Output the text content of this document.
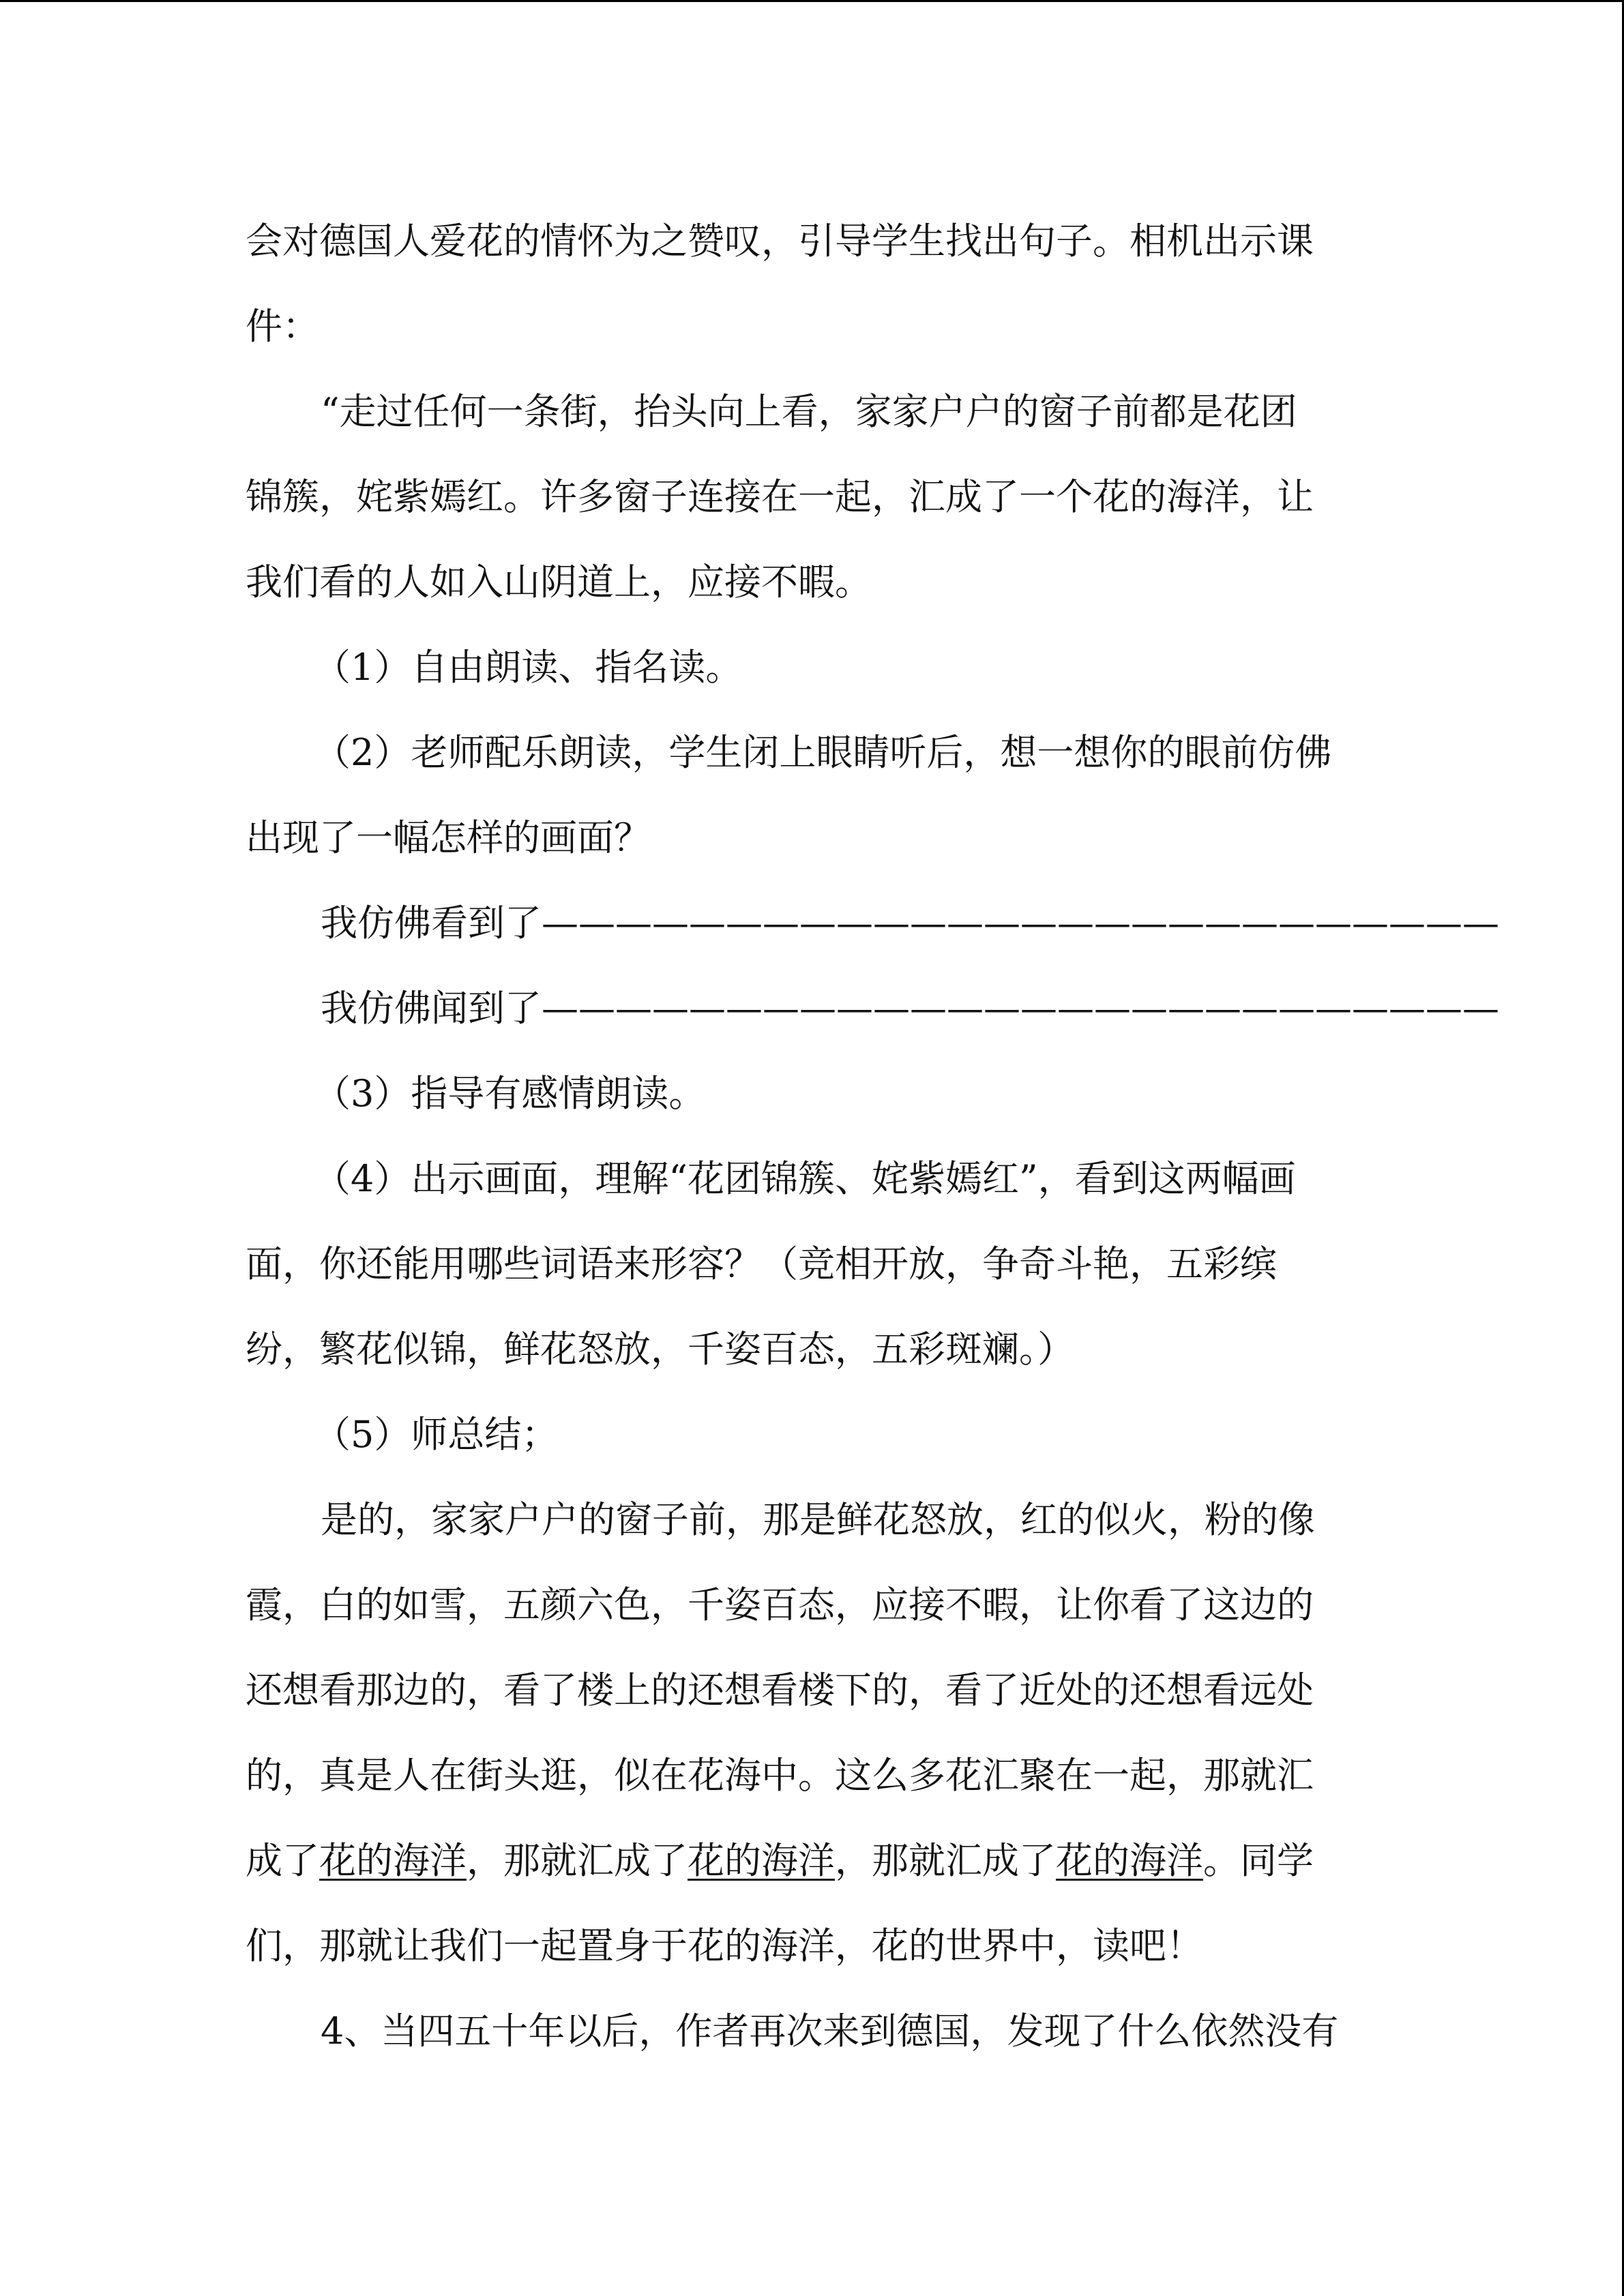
会对德国人爱花的情怀为之赞叹，引导学生找出句子。相机出示课
件：
“走过任何一条街，抬头向上看，家家户户的窗子前都是花团
锦簇，姹紫嫣红。许多窗子连接在一起，汇成了一个花的海洋，让
我们看的人如入山阴道上，应接不暇。
（1）自由朗读、指名读。
（2）老师配乐朗读，学生闭上眼睛听后，想一想你的眼前仿佛
出现了一幅怎样的画面？
我仿佛看到了——————————————————————————
我仿佛闻到了——————————————————————————
（3）指导有感情朗读。
（4）出示画面，理解“花团锦簇、姹紫嫣红”，看到这两幅画
面，你还能用哪些词语来形容？（竞相开放，争奇斗艳，五彩缤
纷，繁花似锦，鲜花怒放，千姿百态，五彩斑斓。）
（5）师总结；
是的，家家户户的窗子前，那是鲜花怒放，红的似火，粉的像
霞，白的如雪，五颜六色，千姿百态，应接不暇，让你看了这边的
还想看那边的，看了楼上的还想看楼下的，看了近处的还想看远处
的，真是人在街头逛，似在花海中。这么多花汇聚在一起，那就汇
成了花的海洋，那就汇成了花的海洋，那就汇成了花的海洋。同学
们，那就让我们一起置身于花的海洋，花的世界中，读吧！
4、当四五十年以后，作者再次来到德国，发现了什么依然没有
